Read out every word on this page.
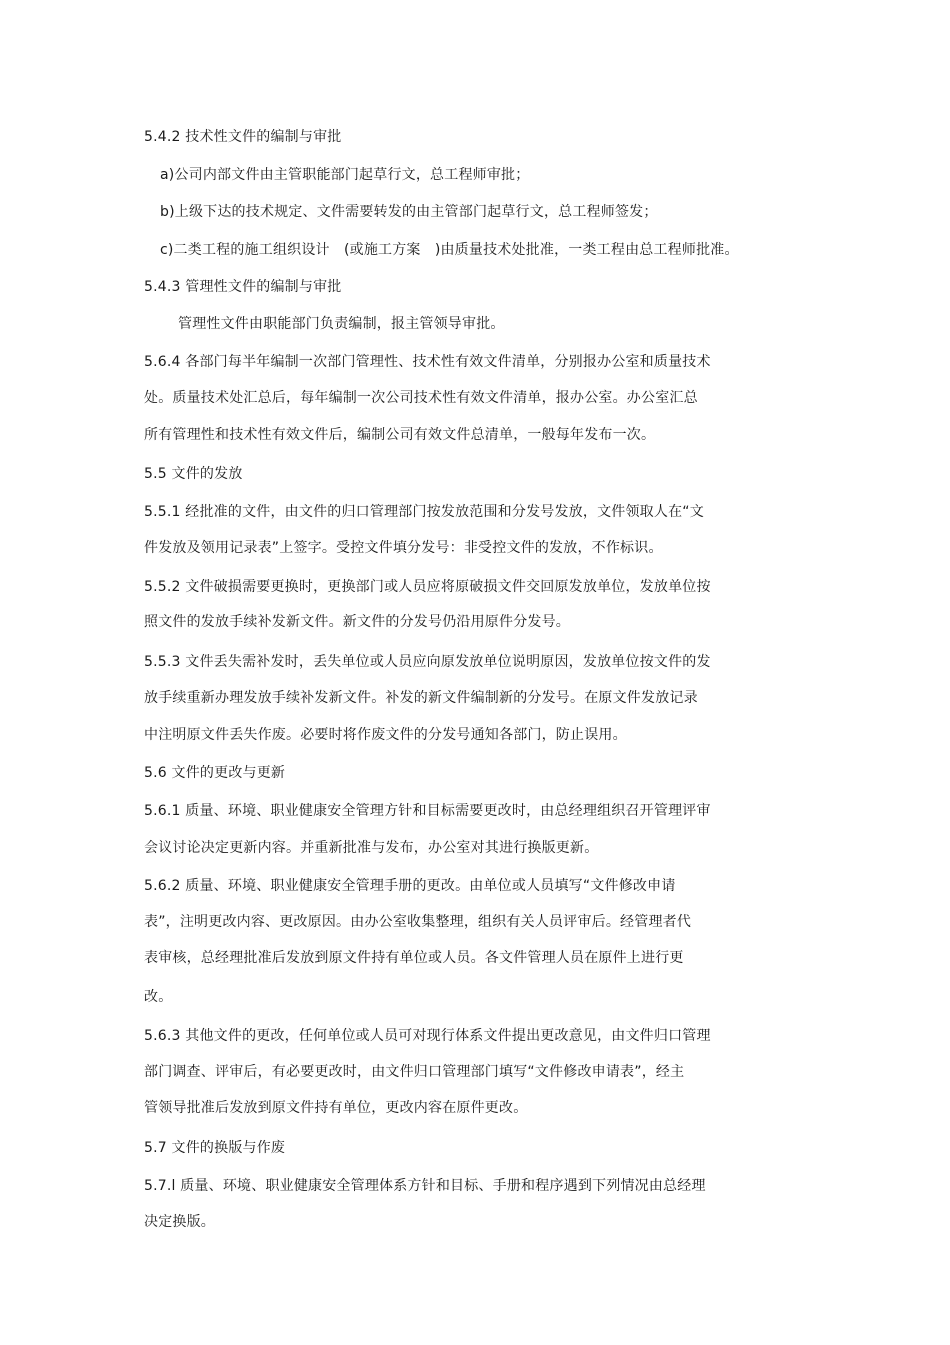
5.4.2 技术性文件的编制与审批
a)公司内部文件由主管职能部门起草行文，总工程师审批；
b)上级下达的技术规定、文件需要转发的由主管部门起草行文，总工程师签发；
c)二类工程的施工组织设计　(或施工方案　)由质量技术处批准，一类工程由总工程师批准。
5.4.3 管理性文件的编制与审批
管理性文件由职能部门负责编制，报主管领导审批。
5.6.4 各部门每半年编制一次部门管理性、技术性有效文件清单，分别报办公室和质量技术
处。质量技术处汇总后，每年编制一次公司技术性有效文件清单，报办公室。办公室汇总
所有管理性和技术性有效文件后，编制公司有效文件总清单，一般每年发布一次。
5.5 文件的发放
5.5.1 经批准的文件，由文件的归口管理部门按发放范围和分发号发放，文件领取人在“文
件发放及领用记录表”上签字。受控文件填分发号：非受控文件的发放，不作标识。
5.5.2 文件破损需要更换时，更换部门或人员应将原破损文件交回原发放单位，发放单位按
照文件的发放手续补发新文件。新文件的分发号仍沿用原件分发号。
5.5.3 文件丢失需补发时，丢失单位或人员应向原发放单位说明原因，发放单位按文件的发
放手续重新办理发放手续补发新文件。补发的新文件编制新的分发号。在原文件发放记录
中注明原文件丢失作废。必要时将作废文件的分发号通知各部门，防止误用。
5.6 文件的更改与更新
5.6.1 质量、环境、职业健康安全管理方针和目标需要更改时，由总经理组织召开管理评审
会议讨论决定更新内容。并重新批准与发布，办公室对其进行换版更新。
5.6.2 质量、环境、职业健康安全管理手册的更改。由单位或人员填写“文件修改申请
表”，注明更改内容、更改原因。由办公室收集整理，组织有关人员评审后。经管理者代
表审核，总经理批准后发放到原文件持有单位或人员。各文件管理人员在原件上进行更
改。
5.6.3 其他文件的更改，任何单位或人员可对现行体系文件提出更改意见，由文件归口管理
部门调查、评审后，有必要更改时，由文件归口管理部门填写“文件修改申请表”，经主
管领导批准后发放到原文件持有单位，更改内容在原件更改。
5.7 文件的换版与作废
5.7.l 质量、环境、职业健康安全管理体系方针和目标、手册和程序遇到下列情况由总经理
决定换版。
